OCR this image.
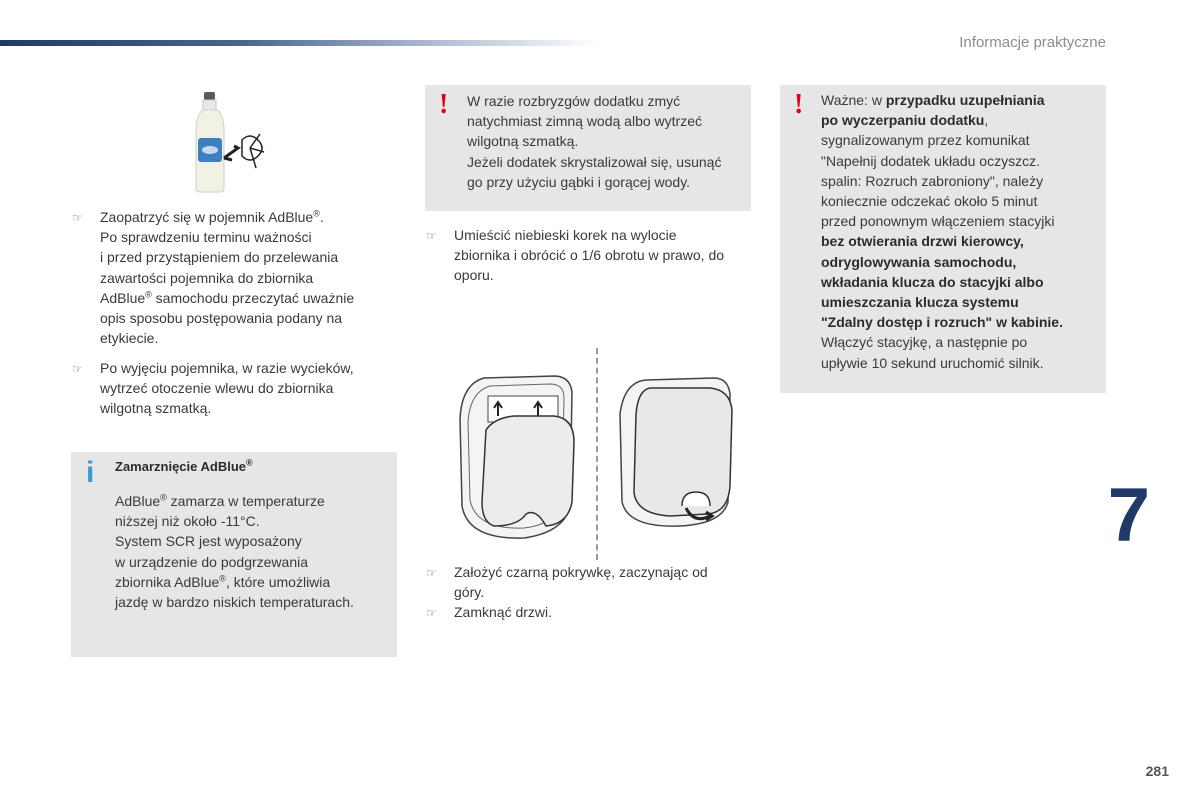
Informacje praktyczne
☞
Zaopatrzyć się w pojemnik AdBlue®.
Po sprawdzeniu terminu ważności
i przed przystąpieniem do przelewania
zawartości pojemnika do zbiornika
AdBlue® samochodu przeczytać uważnie
opis sposobu postępowania podany na
etykiecie.
☞
Po wyjęciu pojemnika, w razie wycieków,
wytrzeć otoczenie wlewu do zbiornika
wilgotną szmatką.
i Zamarznięcie AdBlue®
AdBlue® zamarza w temperaturze
niższej niż około -11°C.
System SCR jest wyposażony
w urządzenie do podgrzewania
zbiornika AdBlue®, które umożliwia
jazdę w bardzo niskich temperaturach.
! W razie rozbryzgów dodatku zmyć
natychmiast zimną wodą albo wytrzeć
wilgotną szmatką.
Jeżeli dodatek skrystalizował się, usunąć
go przy użyciu gąbki i gorącej wody.
☞
Umieścić niebieski korek na wylocie
zbiornika i obrócić o 1/6 obrotu w prawo, do
oporu.
☞
Założyć czarną pokrywkę, zaczynając od
góry.
☞
Zamknąć drzwi.
! Ważne: w przypadku uzupełniania
po wyczerpaniu dodatku,
sygnalizowanym przez komunikat
"Napełnij dodatek układu oczyszcz.
spalin: Rozruch zabroniony", należy
koniecznie odczekać około 5 minut
przed ponownym włączeniem stacyjki
bez otwierania drzwi kierowcy,
odryglowywania samochodu,
wkładania klucza do stacyjki albo
umieszczania klucza systemu
"Zdalny dostęp i rozruch" w kabinie.
Włączyć stacyjkę, a następnie po
upływie 10 sekund uruchomić silnik.
7
281
